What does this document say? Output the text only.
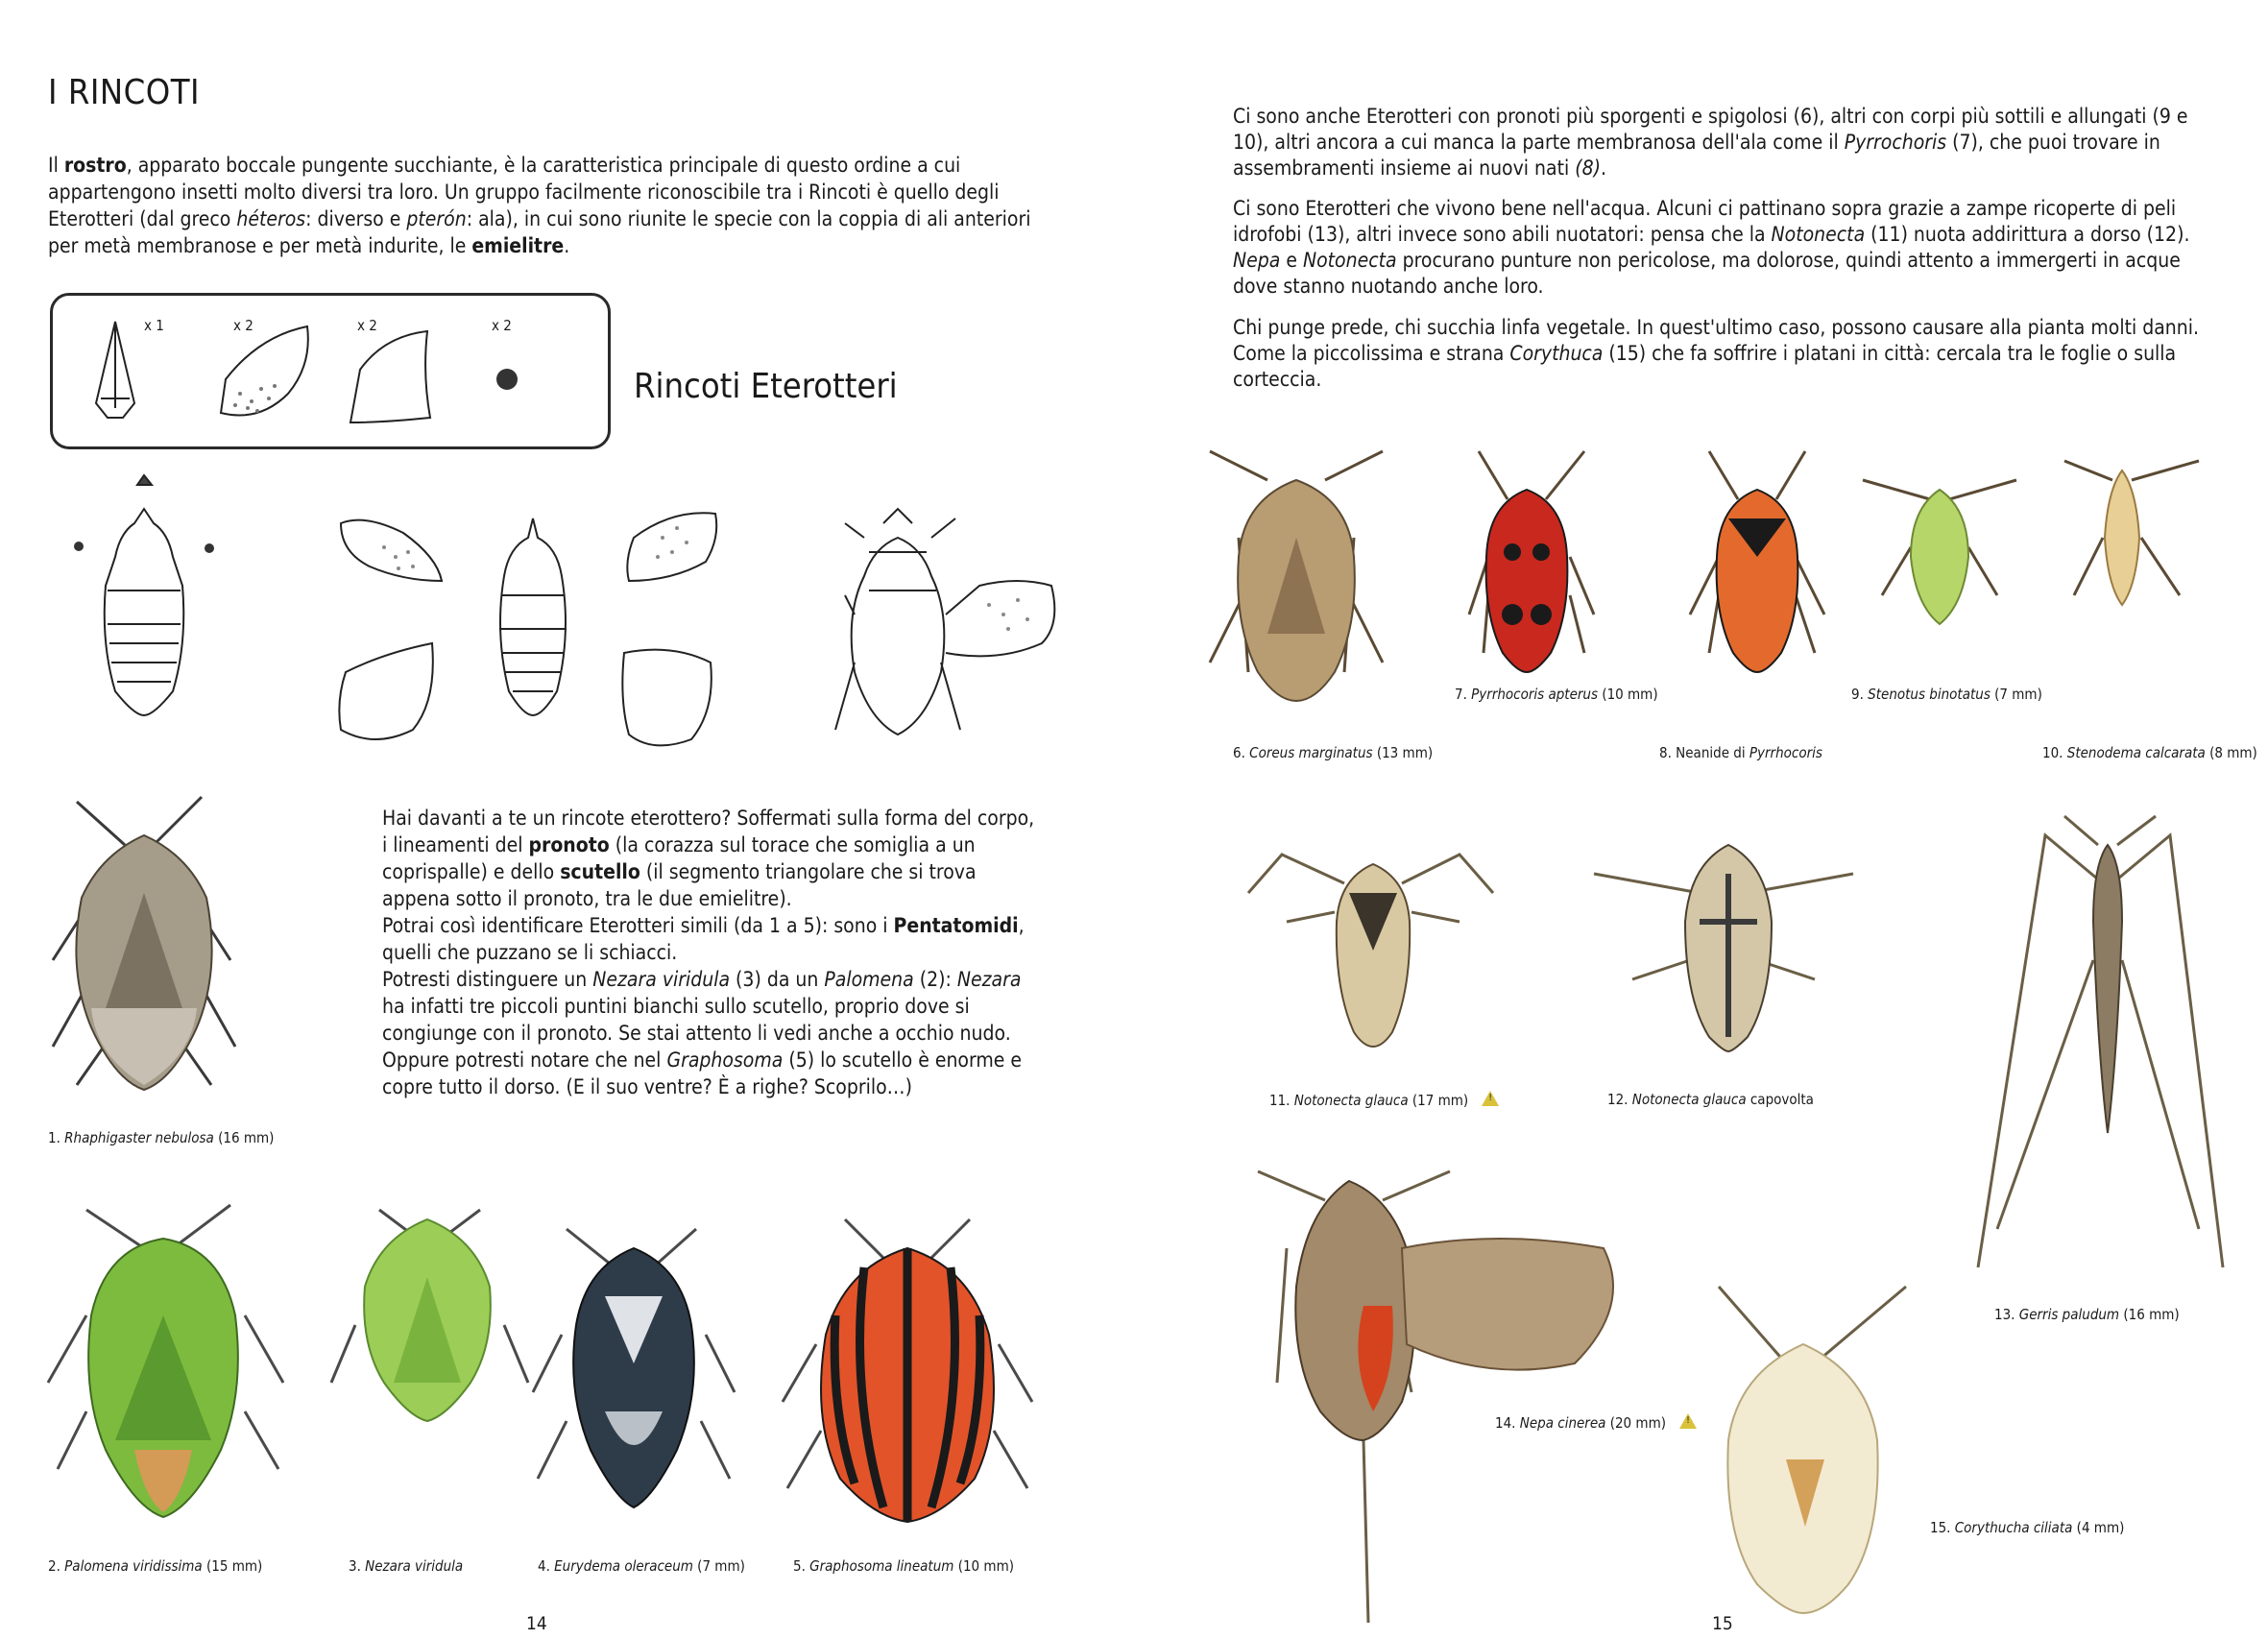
I RINCOTI
Il rostro, apparato boccale pungente succhiante, è la caratteristica principale di questo ordine a cui appartengono insetti molto diversi tra loro. Un gruppo facilmente riconoscibile tra i Rincoti è quello degli Eterotteri (dal greco héteros: diverso e pterón: ala), in cui sono riunite le specie con la coppia di ali anteriori per metà membranose e per metà indurite, le emielitre.
x 1	x 2	x 2	x 2
Rincoti Eterotteri
Hai davanti a te un rincote eterottero? Soffermati sulla forma del corpo, i lineamenti del pronoto (la corazza sul torace che somiglia a un coprispalle) e dello scutello (il segmento triangolare che si trova appena sotto il pronoto, tra le due emielitre).
Potrai così identificare Eterotteri simili (da 1 a 5): sono i Pentatomidi, quelli che puzzano se li schiacci.
Potresti distinguere un Nezara viridula (3) da un Palomena (2): Nezara ha infatti tre piccoli puntini bianchi sullo scutello, proprio dove si congiunge con il pronoto. Se stai attento li vedi anche a occhio nudo.
Oppure potresti notare che nel Graphosoma (5) lo scutello è enorme e copre tutto il dorso. (E il suo ventre? È a righe? Scoprilo…)
1. Rhaphigaster nebulosa (16 mm)
2. Palomena viridissima (15 mm)	3. Nezara viridula	4. Eurydema oleraceum (7 mm)	5. Graphosoma lineatum (10 mm)
14
Ci sono anche Eterotteri con pronoti più sporgenti e spigolosi (6), altri con corpi più sottili e allungati (9 e 10), altri ancora a cui manca la parte membranosa dell'ala come il Pyrrochoris (7), che puoi trovare in assembramenti insieme ai nuovi nati (8).
Ci sono Eterotteri che vivono bene nell'acqua. Alcuni ci pattinano sopra grazie a zampe ricoperte di peli idrofobi (13), altri invece sono abili nuotatori: pensa che la Notonecta (11) nuota addirittura a dorso (12). Nepa e Notonecta procurano punture non pericolose, ma dolorose, quindi attento a immergerti in acque dove stanno nuotando anche loro.
Chi punge prede, chi succhia linfa vegetale. In quest'ultimo caso, possono causare alla pianta molti danni. Come la piccolissima e strana Corythuca (15) che fa soffrire i platani in città: cercala tra le foglie o sulla corteccia.
6. Coreus marginatus (13 mm)
7. Pyrrhocoris apterus (10 mm)
8. Neanide di Pyrrhocoris
9. Stenotus binotatus (7 mm)
10. Stenodema calcarata (8 mm)
11. Notonecta glauca (17 mm)!	12. Notonecta glauca capovolta
13. Gerris paludum (16 mm)
14. Nepa cinerea (20 mm)!
15. Corythucha ciliata (4 mm)
15
